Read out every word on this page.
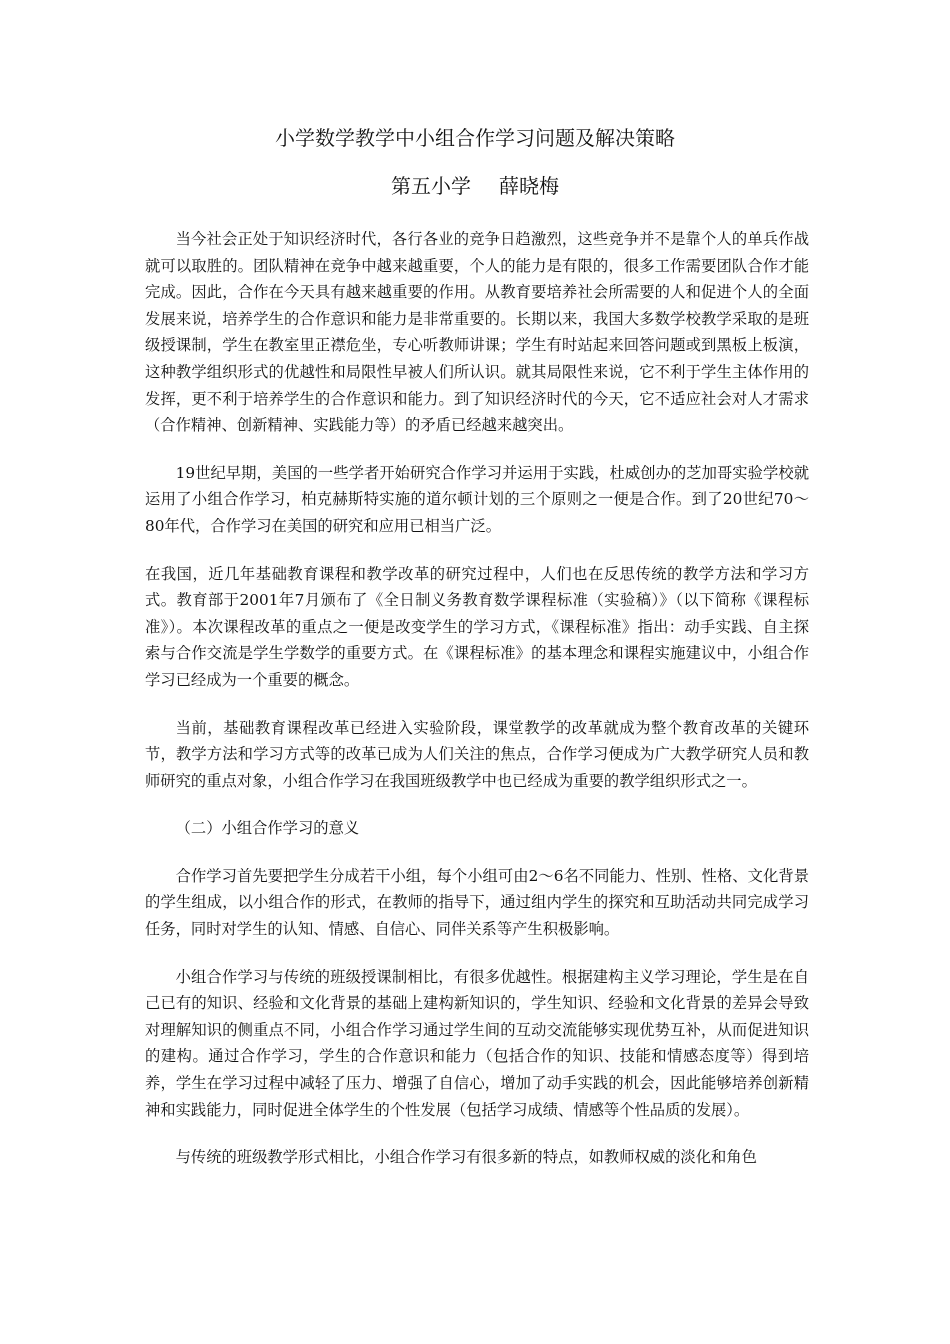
小学数学教学中小组合作学习问题及解决策略
第五小学 薛晓梅

当今社会正处于知识经济时代，各行各业的竞争日趋激烈，这些竞争并不是靠个人的单兵作战就可以取胜的。团队精神在竞争中越来越重要，个人的能力是有限的，很多工作需要团队合作才能完成。因此，合作在今天具有越来越重要的作用。从教育要培养社会所需要的人和促进个人的全面发展来说，培养学生的合作意识和能力是非常重要的。长期以来，我国大多数学校教学采取的是班级授课制，学生在教室里正襟危坐，专心听教师讲课；学生有时站起来回答问题或到黑板上板演，这种教学组织形式的优越性和局限性早被人们所认识。就其局限性来说，它不利于学生主体作用的发挥，更不利于培养学生的合作意识和能力。到了知识经济时代的今天，它不适应社会对人才需求（合作精神、创新精神、实践能力等）的矛盾已经越来越突出。

19世纪早期，美国的一些学者开始研究合作学习并运用于实践，杜威创办的芝加哥实验学校就运用了小组合作学习，柏克赫斯特实施的道尔顿计划的三个原则之一便是合作。到了20世纪70～80年代，合作学习在美国的研究和应用已相当广泛。

在我国，近几年基础教育课程和教学改革的研究过程中，人们也在反思传统的教学方法和学习方式。教育部于2001年7月颁布了《全日制义务教育数学课程标准（实验稿）》（以下简称《课程标准》）。本次课程改革的重点之一便是改变学生的学习方式，《课程标准》指出：动手实践、自主探索与合作交流是学生学数学的重要方式。在《课程标准》的基本理念和课程实施建议中，小组合作学习已经成为一个重要的概念。

当前，基础教育课程改革已经进入实验阶段，课堂教学的改革就成为整个教育改革的关键环节，教学方法和学习方式等的改革已成为人们关注的焦点，合作学习便成为广大教学研究人员和教师研究的重点对象，小组合作学习在我国班级教学中也已经成为重要的教学组织形式之一。

（二）小组合作学习的意义

合作学习首先要把学生分成若干小组，每个小组可由2～6名不同能力、性别、性格、文化背景的学生组成，以小组合作的形式，在教师的指导下，通过组内学生的探究和互助活动共同完成学习任务，同时对学生的认知、情感、自信心、同伴关系等产生积极影响。

小组合作学习与传统的班级授课制相比，有很多优越性。根据建构主义学习理论，学生是在自己已有的知识、经验和文化背景的基础上建构新知识的，学生知识、经验和文化背景的差异会导致对理解知识的侧重点不同，小组合作学习通过学生间的互动交流能够实现优势互补，从而促进知识的建构。通过合作学习，学生的合作意识和能力（包括合作的知识、技能和情感态度等）得到培养，学生在学习过程中减轻了压力、增强了自信心，增加了动手实践的机会，因此能够培养创新精神和实践能力，同时促进全体学生的个性发展（包括学习成绩、情感等个性品质的发展）。

与传统的班级教学形式相比，小组合作学习有很多新的特点，如教师权威的淡化和角色
